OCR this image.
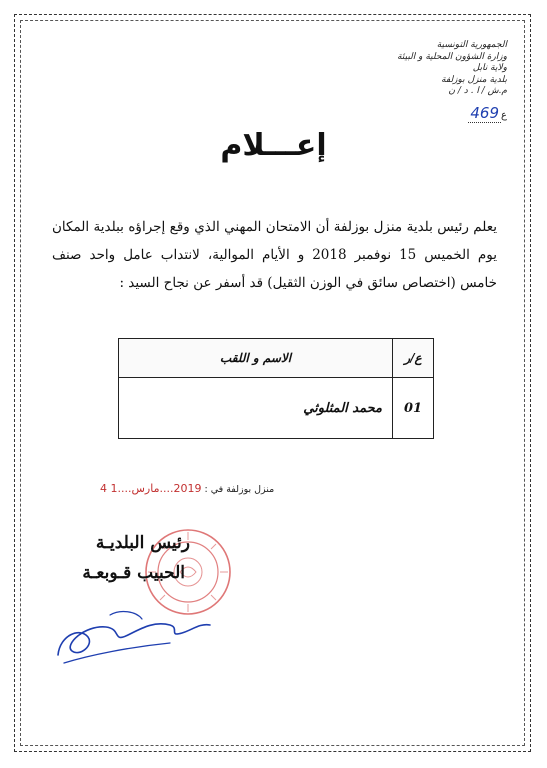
الجمهورية التونسية
وزارة الشؤون المحلية و البيئة
ولاية نابل
بلدية منزل بوزلفة
م.ش / ا . د / ن
ع469
إعـــلام
يعلم رئيس بلدية منزل بوزلفة أن الامتحان المهني الذي وقع إجراؤه ببلدية المكان يوم الخميس 15 نوفمبر 2018 و الأيام الموالية، لانتداب عامل واحد صنف خامس (اختصاص سائق في الوزن الثقيل) قد أسفر عن نجاح السيد :
ع/ر	الاسم و اللقب
01	محمد المثلوثي
منزل بوزلفة في : 2019....مارس....1 4
رئيس البلديـة
الحبيب قـوبعـة
